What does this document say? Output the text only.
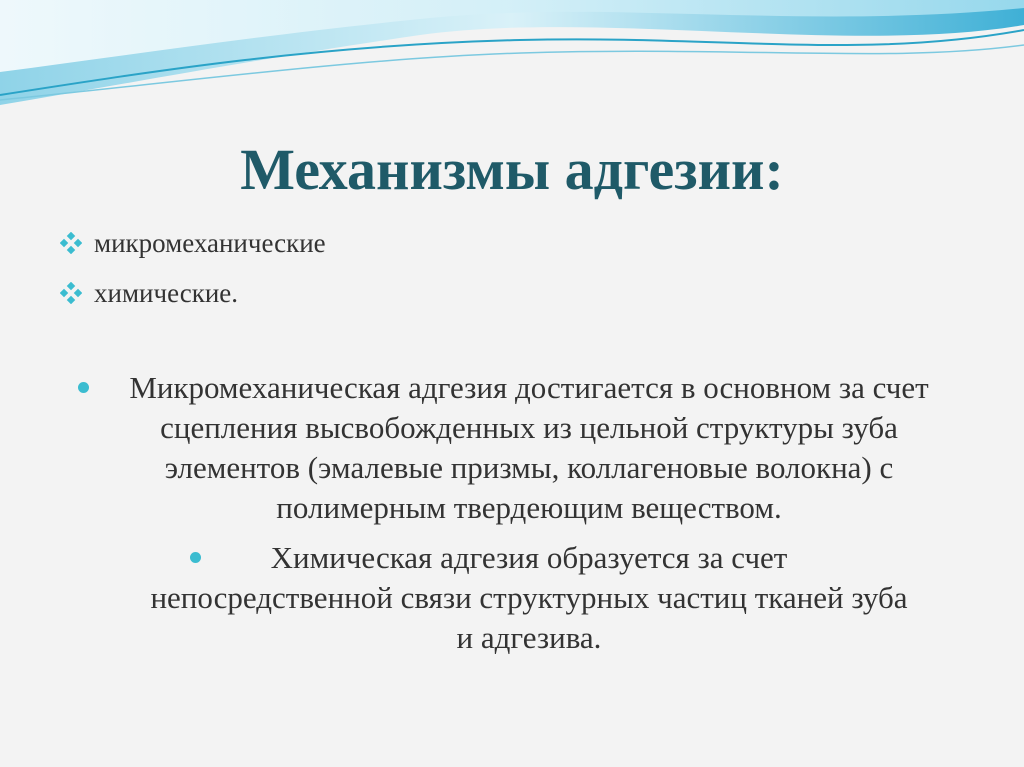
Механизмы адгезии:
микромеханические
химические.
Микромеханическая адгезия достигается в основном за счет сцепления высвобожденных из цельной структуры зуба элементов (эмалевые призмы, коллагеновые волокна) с полимерным твердеющим веществом.
Химическая адгезия образуется за счет непосредственной связи структурных частиц тканей зуба и адгезива.
